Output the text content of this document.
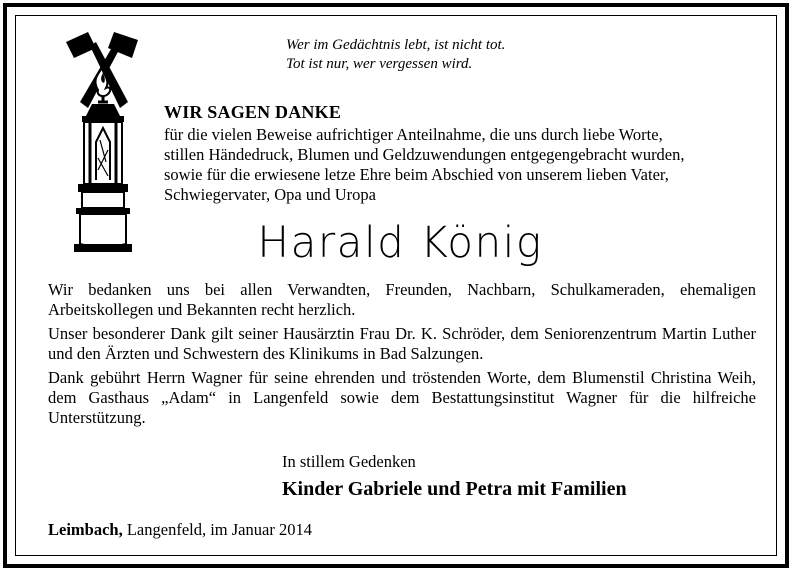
Wer im Gedächtnis lebt, ist nicht tot.
Tot ist nur, wer vergessen wird.
WIR SAGEN DANKE
für die vielen Beweise aufrichtiger Anteilnahme, die uns durch liebe Worte,
stillen Händedruck, Blumen und Geldzuwendungen entgegengebracht wurden,
sowie für die erwiesene letze Ehre beim Abschied von unserem lieben Vater,
Schwiegervater, Opa und Uropa
Harald König
Wir bedanken uns bei allen Verwandten, Freunden, Nachbarn, Schulkameraden, ehemaligen Arbeitskollegen und Bekannten recht herzlich.
Unser besonderer Dank gilt seiner Hausärztin Frau Dr. K. Schröder, dem Seniorenzentrum Martin Luther und den Ärzten und Schwestern des Klinikums in Bad Salzungen.
Dank gebührt Herrn Wagner für seine ehrenden und tröstenden Worte, dem Blumenstil Christina Weih, dem Gasthaus „Adam“ in Langenfeld sowie dem Bestattungsinstitut Wagner für die hilfreiche Unterstützung.
In stillem Gedenken
Kinder Gabriele und Petra mit Familien
Leimbach, Langenfeld, im Januar 2014
